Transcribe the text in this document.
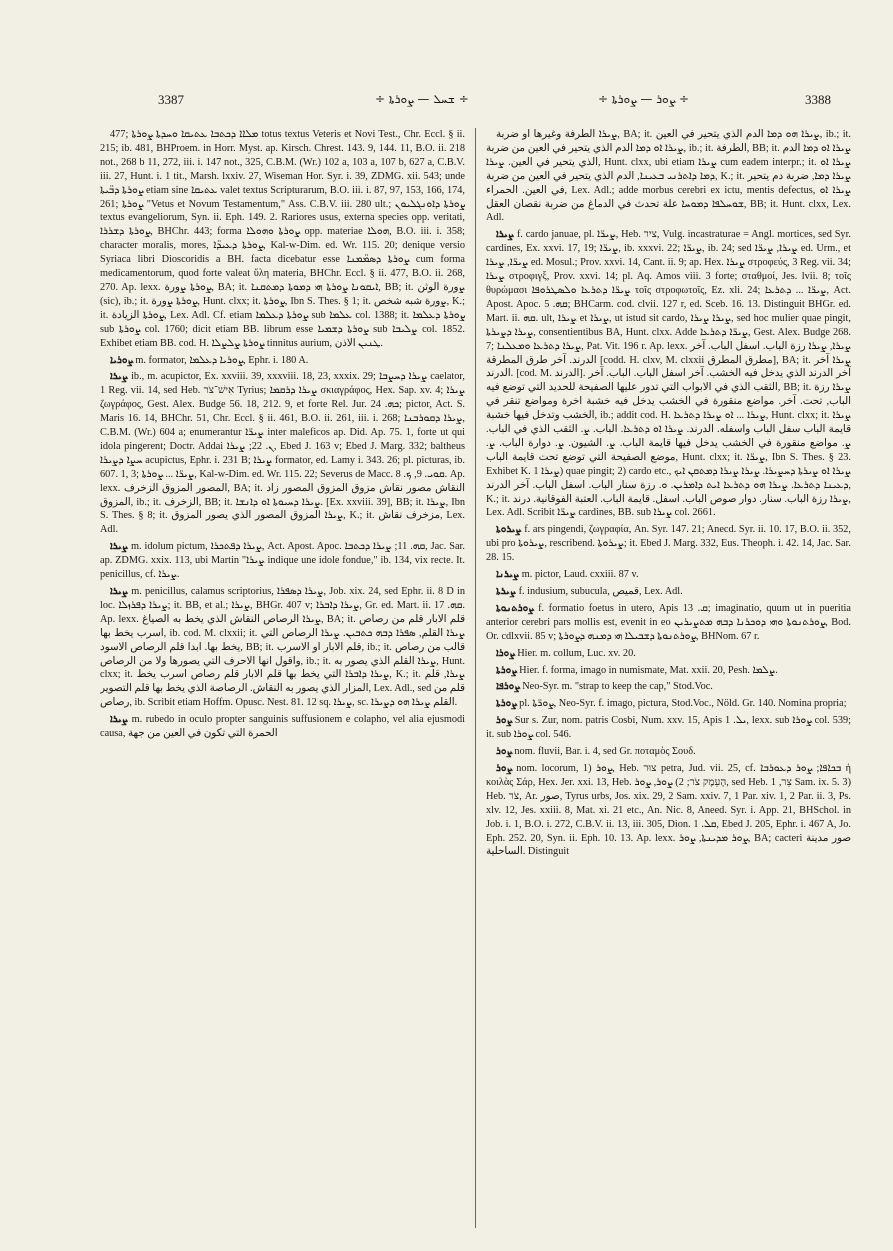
3387	÷ ܫܚܠ — ܨܘܪܬܐ ÷	÷ ܨܘܪ — ܨܘܪܬܐ ÷	3388

477; ܡܠܐܐ ܕܟܬܒܐ ܥܬܝܩܐ ܘܚܕܬܐ ܨܘܪܬܐ totus textus Veteris et Novi Test., Chr. Eccl. § ii. 215; ib. 481, BHProem. in Horr. Myst. ap. Kirsch. Chrest. 143. 9, 144. 11, B.O. ii. 218 not., 268 b 11, 272, iii. i. 147 not., 325, C.B.M. (Wr.) 102 a, 103 a, 107 b, 627 a, C.B.V. iii. 27, Hunt. i. 1 tit., Marsh. lxxiv. 27, Wiseman Hor. Syr. i. 39, ZDMG. xii. 543; unde ܨܘܪܬܐ ܕܒ̈ܝܬܐ etiam sine ܥܬܝܩܐ valet textus Scripturarum, B.O. iii. i. 87, 97, 153, 166, 174, 261; ܨܘܪܬܐ "Vetus et Novum Testamentum," Ass. C.B.V. iii. 280 ult.; ܨܘܪܬܐ ܕܐܘܢܓܠܝܘܢ textus evangeliorum, Syn. ii. Eph. 149. 2. Rariores usus, externa species opp. veritati, ܨܘܪܬܐ ܕܫܪܪܐ, BHChr. 443; forma ܨܘܪܬܐ ܘܗܘܠܐ opp. materiae ܗܘܠܐ, B.O. iii. i. 358; character moralis, mores, ܨܘܪܬܐ ܕܥܝܕ̈ܐ, Kal-w-Dim. ed. Wr. 115. 20; denique versio Syriaca libri Dioscoridis a BH. facta dicebatur esse ܨܘܪܬܐ ܕܣܡ̈ܡܢܐ cum forma medicamentorum, quod forte valeat ὕλη materia, BHChr. Eccl. § ii. 477, B.O. ii. 268, 270. Ap. lexx. ܨܘܪܬܐ ܨورة, BA; it. ܐܝܩܘܢܐ ܨܘܪܬܐ ܗܝ ܕܡܘܬܐ ܕܡܬܩܢܐ, BB; it. ܨورة الوثن (sic), ib.; it. ܨܘܪܬܐ ܨورة, Hunt. clxx; it. ܨܘܪܬܐ, Ibn S. Thes. § 1; it. ܨورة شبه شخص, K.; it. ܨܘܪܬܐ الزيادة, Lex. Adl. Cf. etiam ܨܘܪܬܐ ܕܥܠܡܐ sub ܥܠܡܐ col. 1388; it. ܨܘܪܬܐ ܕܥܠܡܐ sub ܨܘܪܬܐ col. 1760; dicit etiam BB. librum esse ܨܘܪܬܐ ܕܫܡܝܐ sub ܨܠܝܒܐ col. 1852. Exhibet etiam BB. cod. H. ܨܘܪܬܐ ܨܠܨܠܐ tinnitus aurium, ܛܢܝܢ الاذن.

ܨܘܪܝܐ m. formator, ܨܘܪܝܐ ܕܥܠܡܐ, Ephr. i. 180 A.

ܨܝܪܐ ib., m. acupictor, Ex. xxviii. 39, xxxviii. 18, 23, xxxix. 29; ܨܝܪܐ ܕܚܨܒܐ caelator, 1 Reg. vii. 14, sed Heb. אִישׁ־צֹר Tyrius; ܨܝܪܐ ܕܪܩܡܐ σκιαγράφος, Hex. Sap. xv. 4; ܨܝܪܐ ζωγράφος, Gest. Alex. Budge 56. 18, 212. 9, et forte Rel. Jur. ܟܗ. 24; pictor, Act. S. Maris 16. 14, BHChr. 51, Chr. Eccl. § ii. 461, B.O. ii. 261, iii. i. 268; ܨܝܪܐ ܕܩܘܪܒܢܐ, C.B.M. (Wr.) 604 a; enumerantur ܨܝܪ̈ܐ inter maleficos ap. Did. Ap. 75. 1, forte ut qui idola pingerent; Doctr. Addai ܢ. 22; ܨܝܪܐ, Ebed J. 163 v; Ebed J. Marg. 332; baltheus ܚܨܐ ܕܨܝܪܐ acupictus, Ephr. i. 231 B; ܨܝܪܐ formator, ed. Lamy i. 343. 26; pl. picturas, ib. 607. 1, 3; ܨܝܪ̈ܐ ... ܨܘܪܬܐ, Kal-w-Dim. ed. Wr. 115. 22; Severus de Macc. ܩܘܝ. 9, ܟ. 8. Ap. lexx. المصور المزوق الزخرف, BA; it. النقاش مصور نقاش مزوق المزوق المصور زاد المزوق, ib.; it. الزخرف, BB; it. ܨܝܪܐ ܕܚܝܘܬܐ ܐܘ ܕܐܢܫܐ. [Ex. xxviii. 39], BB; it. ܨܝܪܐ, Ibn S. Thes. § 8; it. ܨܝܪܐ المزوق المصور الذي يصور المزوق, K.; it. مزخرف نقاش, Lex. Adl.

ܨܝܪܐ m. idolum pictum, ܨܝܪܐ ܕܦܬܟܪܐ, Act. Apost. Apoc. ܩܗ. 11; ܨܝܪܐ ܕܟܬܒܐ, Jac. Sar. ap. ZDMG. xxix. 113, ubi Martin "ܨܝܪܐ indique une idole fondue," ib. 134, vix recte. It. penicillus, cf. ܨܝܪܐ.

ܨܝܪܐ m. penicillus, calamus scriptorius, ܨܝܪܐ ܕܣܦܪܐ, Job. xix. 24, sed Ephr. ii. 8 D in loc. ܨܝܪܐ ܕܦܪܙܠܐ; it. BB, et al.; ܨܝܪܐ, BHGr. 407 v; ܨܝܪܐ ܕܐܒܪܐ, Gr. ed. Mart. ii. ܩܗ. 17. Ap. lexx. ܨܝܪܐ الرصاص النقاش الذي يخط به الصياغ, BA; it. قلم الابار قلم من رصاص اسرب يخط بها, ib. cod. M. clxxii; it. ܨܝܪܐ القلم, ܣܦܪܐ ܕܒܗ ܟܬܒܝܢ. ܨܝܪܐ الرصاص التي يخط بها. ابدا قلم الرصاص الاسود, BB; it. قلم الابار او الاسرب, ib.; it. قالب من رصاص واقول انها الاحرف التي يصورها ولا من الرصاص, ib.; it. ܨܝܪܐ القلم الذي يصور به, Hunt. clxx; it. ܨܝܪܐ ܕܐܒܪܐ التي يخط بها قلم الابار قلم رصاص اسرب يخط, K.; it. ܨܝܪܐ, قلم المزار الذي يصور به النقاش. الرصاصة الذي يخط بها قلم التصوير, Lex. Adl., sed قلم من رصاص, ib. Scribit etiam Hoffm. Opusc. Nest. 81. 12 sq. ܨܝܪܐ, sc. القلم ܨܝܪܐ ܗܘ ܕܨܝܪܐ.

ܨܝܪܐ m. rubedo in oculo propter sanguinis suffusionem e colapho, vel alia ejusmodi causa, الحمرة التي تكون في العين من جهة

ܨܝܪܐ الطرفة وغيرها او ضربة, BA; it. ܨܝܪܐ ܗܘ ܕܡܐ الدم الذي يتحير في العين, ib.; it. ܨܝܪܐ ܐܘ ܕܡܐ الدم الذي يتحير في العين من ضربة, ib.; it. الطرفة, BB; it. ܨܝܪܐ ܐܘ ܕܡܐ الدم الذي يتحير في العين. ܨܝܪܐ, Hunt. clxx, ubi etiam ܨܝܪܐ cum eadem interpr.; it. ܨܝܪܐ ܐܘ ܕܡܐ ܕܐܬܪܢܝ ܒܥܝܢܐ, الدم الذي يتحير في العين من ضربة, K.; it. ܨܝܪܐ ܕܡܐ, ضربة دم يتحير في العين. الحمراء, Lex. Adl.; adde morbus cerebri ex ictu, mentis defectus, ܨܝܪܐ ܐܘ ܫܘܚܠܦܐ ܕܡܘܚܐ علة تحدث في الدماغ من ضربة نقصان العقل, BB; it. Hunt. clxx, Lex. Adl.

ܨܝܪܐ f. cardo januae, pl. ܨܝܪ̈ܐ, Heb. ציר, Vulg. incastraturae = Angl. mortices, sed Syr. cardines, Ex. xxvi. 17, 19; ܨܝܪ̈ܐ, ib. xxxvi. 22; ܨܝܪ̈ܐ, ib. 24; sed ܨܝܪܐ, ܨܝܪ̈ܐ ed. Urm., et ܨܝܪ̈ܐ, ܨܝܪܐ ed. Mosul.; Prov. xxvi. 14, Cant. ii. 9; ap. Hex. ܨܝܪܐ στροφεύς, 3 Reg. vii. 34; ܨܝܪܐ στροφιγξ, Prov. xxvi. 14; pl. Aq. Amos viii. 3 forte; σταθμοί, Jes. lvii. 8; τοῖς θυρώμασι ܨܝܪ̈ܐ ܕܬܪܥܐ ܘܠܣܛܪܘܦܐ τοῖς στροφωτοῖς, Ez. xli. 24; ܨܝܪ̈ܐ ... ܕܬܪܥܐ, Act. Apost. Apoc. ܩܗ. 5; BHCarm. cod. clvii. 127 r, ed. Sceb. 16. 13. Distinguit BHGr. ed. Mart. ii. ܩܗ. ult, ܨܝܪܐ et ܨܝܪܐ, ut istud sit cardo, ܨܝܪܐ ܨܝܪܐ, sed hoc mulier quae pingit, ܨܝܪܐ ܕܨܝܪܬܐ, consentientibus BA, Hunt. clxx. Adde ܨܝܪ̈ܐ ܕܬܪܥܐ, Gest. Alex. Budge 268. 7; ܨܝܪܐ ܕܬܪܥܐ ܘܡܥܠܢܐ, Pat. Vit. 196 r. Ap. lexx. ܨܝܪܐ, ܨܝܪܐ رزة الباب. اسفل الباب. آخر الدرند. آخر طرق المطرقة [codd. H. clxv, M. clxxii مطرق المطرق], BA; it. ܨܝܪܐ آخر الدرند. [cod. M. الدرند]. آخر الدرند الذي يدخل فيه الخشب. آخر اسفل الباب. الباب. آخر الثقب الذي في الابواب التي تدور عليها الصفيحة للحديد التي توضع فيه, BB; it. ܨܝܪܐ رزة الباب, تحت. آخر. مواضع منقورة في الخشب يدخل فيه خشبة اخرة ومواضع تنقر في الخشب وتدخل فيها خشبة, ib.; addit cod. H. ܨܝܪܐ ... ܐܘ ܨܝܪܐ ܕܬܪܥܐ, Hunt. clxx; it. ܨܝܪܐ قايمة الباب سفل الباب واسفله. الدرند. ܨܝܪܐ ܐܘ ܕܬܪܥܐ. الباب. ܨ. الثقب الذي في الباب. ܨ. مواضع منقورة في الخشب يدخل فيها قايمة الباب. ܨ. الشيون. ܨ. دوارة الباب. ܨ. موضع الصفيحة التي توضع تحت قايمة الباب, Hunt. clxx; it. ܨܝܪ̈ܐ, Ibn S. Thes. § 23. Exhibet K. ܨܝܪܐ 1) quae pingit; 2) cardo etc., ܨܝܪܐ ܐܘ ܨܝܪܬܐ ܕܚܨܝܪܐ. ܨܝܪܐ ܨܝܪܐ ܕܡܬܩܢ ܐܝܟ ܕܥܝܢܐ ܕܬܪܥܐ. ܨܝܪܐ ܗܘ ܕܬܪܥܐ ܐܝܬ ܕܐܡܪܝܢ. ܘ. رزة سنار الباب. اسفل الباب. آخر الدرند, K.; it. ܨܝܪܐ رزة الباب. سنار. دوار صوص الباب. اسفل. قايمة الباب. العتبة الفوقانية. درند, Lex. Adl. Scribit ܨܝܪ̈ܐ cardines, BB. sub ܨܝܪܐ col. 2661.

ܨܝܪܘܬܐ f. ars pingendi, ζωγραφία, An. Syr. 147. 21; Anecd. Syr. ii. 10. 17, B.O. ii. 352, ubi pro ܨܝܪܘܬܐ, rescribend. ܨܝܪܘܬܐ; it. Ebed J. Marg. 332, Eus. Theoph. i. 42. 14, Jac. Sar. 28. 15.

ܨܝܪܢܐ m. pictor, Laud. cxxiii. 87 v.

ܨܝܪܬܐ f. indusium, subucula, قميص, Lex. Adl.

ܨܘܪܬܢܘܬܐ f. formatio foetus in utero, Apis ܩ. 13; imaginatio, quum ut in pueritia anterior cerebri pars mollis est, evenit in eo ܨܘܪܬܢܘܬܐ ܘܗܝ ܕܘܟܪܢܐ ܕܒܗ ܡܬܨܝܪܝܢ, Bod. Or. cdlxvii. 85 v; ܨܘܪܬܢܘܬܐ ܕܫܒܝܠܐ ܗܝ ܕܡܢܗ ܕܨܘܪܬܐ, BHNom. 67 r.

ܨܘܪܐ Hier. m. collum, Luc. xv. 20.

ܨܘܪܬܐ Hier. f. forma, imago in numismate, Mat. xxii. 20, Pesh. ܨܠܡܐ.

ܨܘܪܦܐ Neo-Syr. m. "strap to keep the cap," Stod.Voc.

ܨܘܪܬܐ pl. ܨܘܪ̈ܬܐ, Neo-Syr. f. imago, pictura, Stod.Voc., Nöld. Gr. 140. Nomina propria;

ܨܘܪ Sur s. Zur, nom. patris Cosbi, Num. xxv. 15, Apis ܝܠ. 1, lexx. sub ܨܘܪܐ col. 539; it. sub ܨܘܪܐ col. 546.

ܨܘܪ nom. fluvii, Bar. i. 4, sed Gr. ποταμὸς Σουδ.

ܨܘܪ nom. locorum, 1) ܨܘܪ, Heb. צוּר petra, Jud. vii. 25, cf. ܒܟܐܦܐ; ܨܘܪ ܕܥܘܪܒܐ ἡ κοιλὰς Σάρ, Hex. Jer. xxi. 13, Heb. הָעֵמֶק צֹר; 2) ܨܘܪ, ܨܘܪ, sed Heb. צֵר, 1 Sam. ix. 5. 3) Heb. צֹר, Ar. صور, Tyrus urbs, Jos. xix. 29, 2 Sam. xxiv. 7, 1 Par. xiv. 1, 2 Par. ii. 3, Ps. xlv. 12, Jes. xxiii. 8, Mat. xi. 21 etc., An. Nic. 8, Aneed. Syr. i. App. 21, BHSchol. in Job. i. 1, B.O. i. 272, C.B.V. ii. 13, iii. 305, Dion. ܩܠ. 1, Ebed J. 205, Ephr. i. 467 A, Jo. Eph. 252. 20, Syn. ii. Eph. 10. 13. Ap. lexx. ܨܘܪ ܡܕܝܢܬܐ, ܨܘܪ, BA; cacteri صور مدينة الساحلية. Distinguit
